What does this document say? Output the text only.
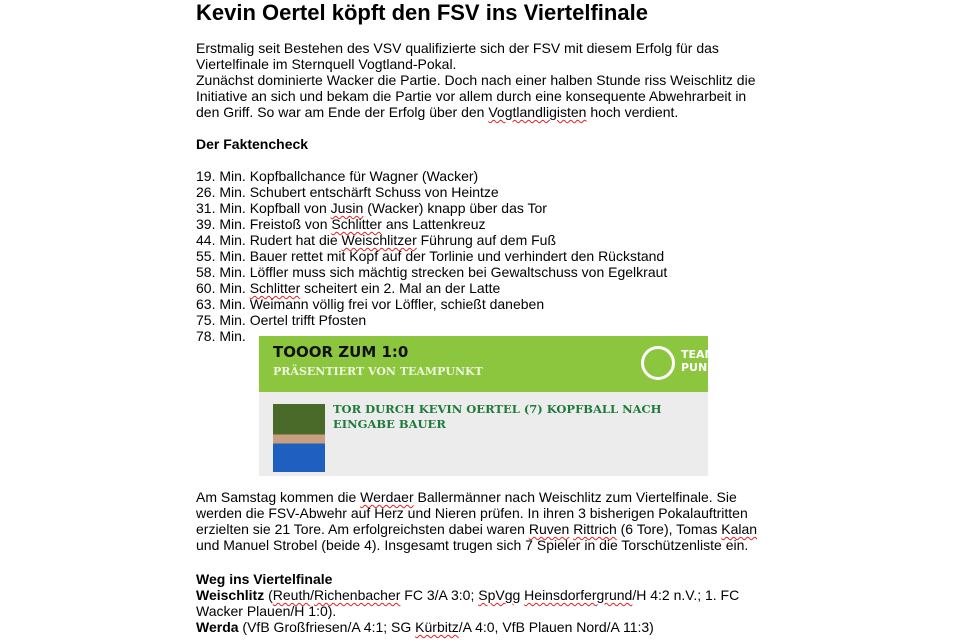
Kevin Oertel köpft den FSV ins Viertelfinale
Erstmalig seit Bestehen des VSV qualifizierte sich der FSV mit diesem Erfolg für das
Viertelfinale im Sternquell Vogtland-Pokal.
Zunächst dominierte Wacker die Partie. Doch nach einer halben Stunde riss Weischlitz die
Initiative an sich und bekam die Partie vor allem durch eine konsequente Abwehrarbeit in
den Griff. So war am Ende der Erfolg über den Vogtlandligisten hoch verdient.
Der Faktencheck
19. Min. Kopfballchance für Wagner (Wacker)
26. Min. Schubert entschärft Schuss von Heintze
31. Min. Kopfball von Jusin (Wacker) knapp über das Tor
39. Min. Freistoß von Schlitter ans Lattenkreuz
44. Min. Rudert hat die Weischlitzer Führung auf dem Fuß
55. Min. Bauer rettet mit Kopf auf der Torlinie und verhindert den Rückstand
58. Min. Löffler muss sich mächtig strecken bei Gewaltschuss von Egelkraut
60. Min. Schlitter scheitert ein 2. Mal an der Latte
63. Min. Weimann völlig frei vor Löffler, schießt daneben
75. Min. Oertel trifft Pfosten
78. Min.
TOOOR ZUM 1:0
PRÄSENTIERT VON TEAMPUNKT
TEAM
PUNKT
TOR DURCH KEVIN OERTEL (7) KOPFBALL NACH EINGABE BAUER
Am Samstag kommen die Werdaer Ballermänner nach Weischlitz zum Viertelfinale. Sie
werden die FSV-Abwehr auf Herz und Nieren prüfen. In ihren 3 bisherigen Pokalauftritten
erzielten sie 21 Tore. Am erfolgreichsten dabei waren Ruven Rittrich (6 Tore), Tomas Kalan
und Manuel Strobel (beide 4). Insgesamt trugen sich 7 Spieler in die Torschützenliste ein.
Weg ins Viertelfinale
Weischlitz (Reuth/Richenbacher FC 3/A 3:0; SpVgg Heinsdorfergrund/H 4:2 n.V.; 1. FC
Wacker Plauen/H 1:0).
Werda (VfB Großfriesen/A 4:1; SG Kürbitz/A 4:0, VfB Plauen Nord/A 11:3)
